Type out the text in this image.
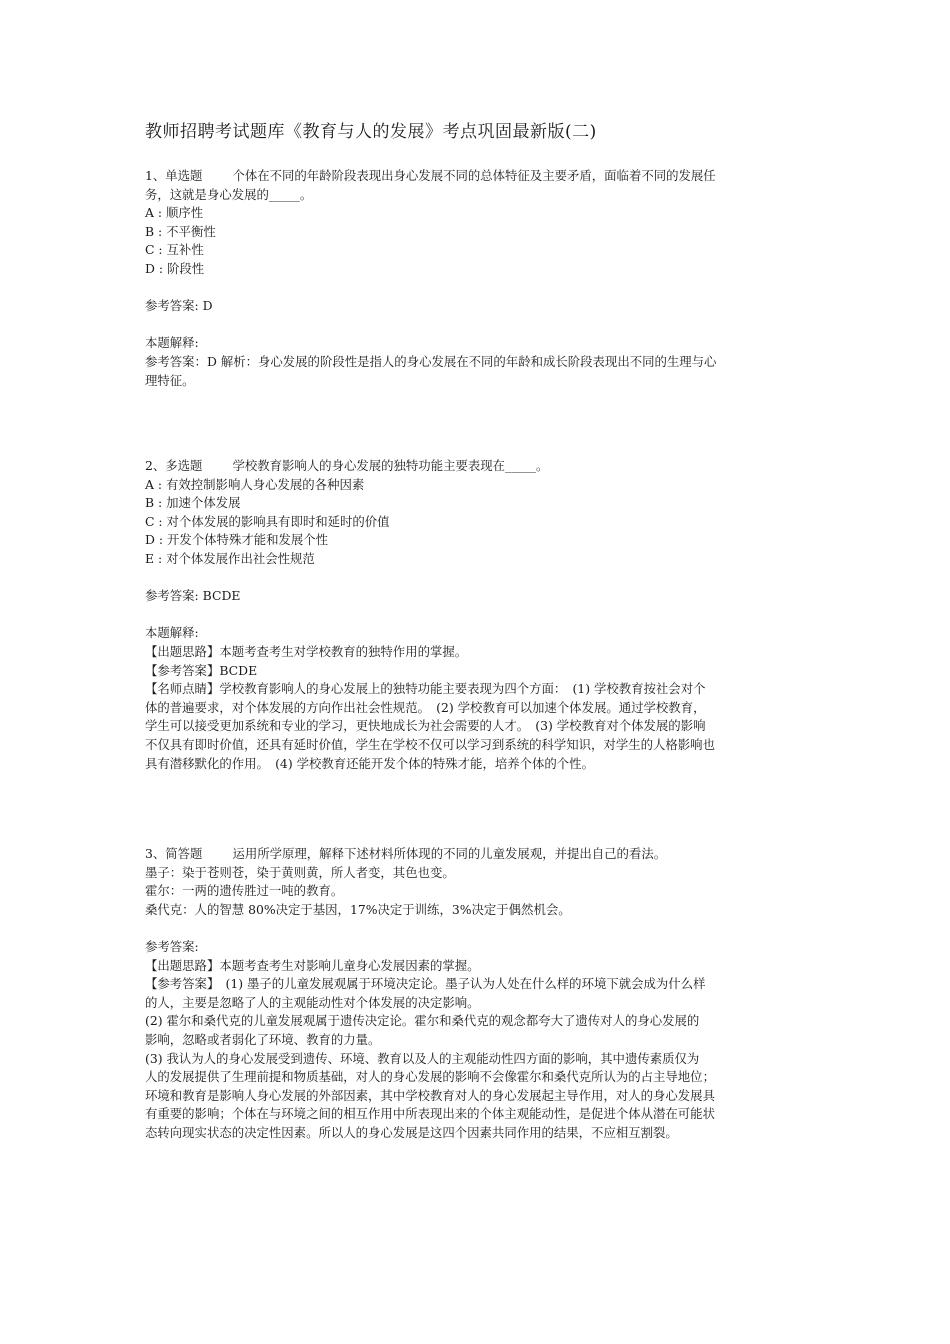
教师招聘考试题库《教育与人的发展》考点巩固最新版(二)
1、单选题 个体在不同的年龄阶段表现出身心发展不同的总体特征及主要矛盾，面临着不同的发展任
务，这就是身心发展的_____。
A : 顺序性
B : 不平衡性
C : 互补性
D : 阶段性
参考答案: D
本题解释:
参考答案：D 解析：身心发展的阶段性是指人的身心发展在不同的年龄和成长阶段表现出不同的生理与心
理特征。
2、多选题 学校教育影响人的身心发展的独特功能主要表现在_____。
A : 有效控制影响人身心发展的各种因素
B : 加速个体发展
C : 对个体发展的影响具有即时和延时的价值
D : 开发个体特殊才能和发展个性
E : 对个体发展作出社会性规范
参考答案: BCDE
本题解释:
【出题思路】本题考查考生对学校教育的独特作用的掌握。
【参考答案】BCDE
【名师点睛】学校教育影响人的身心发展上的独特功能主要表现为四个方面：　(1) 学校教育按社会对个
体的普遍要求，对个体发展的方向作出社会性规范。　(2) 学校教育可以加速个体发展。通过学校教育，
学生可以接受更加系统和专业的学习，更快地成长为社会需要的人才。　(3) 学校教育对个体发展的影响
不仅具有即时价值，还具有延时价值，学生在学校不仅可以学习到系统的科学知识，对学生的人格影响也
具有潜移默化的作用。　(4) 学校教育还能开发个体的特殊才能，培养个体的个性。
3、简答题 运用所学原理，解释下述材料所体现的不同的儿童发展观，并提出自己的看法。
墨子：染于苍则苍，染于黄则黄，所人者变，其色也变。
霍尔：一两的遗传胜过一吨的教育。
桑代克：人的智慧 80%决定于基因，17%决定于训练，3%决定于偶然机会。
参考答案:
【出题思路】本题考查考生对影响儿童身心发展因素的掌握。
【参考答案】　(1) 墨子的儿童发展观属于环境决定论。墨子认为人处在什么样的环境下就会成为什么样
的人，主要是忽略了人的主观能动性对个体发展的决定影响。
(2) 霍尔和桑代克的儿童发展观属于遗传决定论。霍尔和桑代克的观念都夸大了遗传对人的身心发展的
影响，忽略或者弱化了环境、教育的力量。
(3) 我认为人的身心发展受到遗传、环境、教育以及人的主观能动性四方面的影响，其中遗传素质仅为
人的发展提供了生理前提和物质基础，对人的身心发展的影响不会像霍尔和桑代克所认为的占主导地位；
环境和教育是影响人身心发展的外部因素，其中学校教育对人的身心发展起主导作用，对人的身心发展具
有重要的影响；个体在与环境之间的相互作用中所表现出来的个体主观能动性，是促进个体从潜在可能状
态转向现实状态的决定性因素。所以人的身心发展是这四个因素共同作用的结果，不应相互割裂。
